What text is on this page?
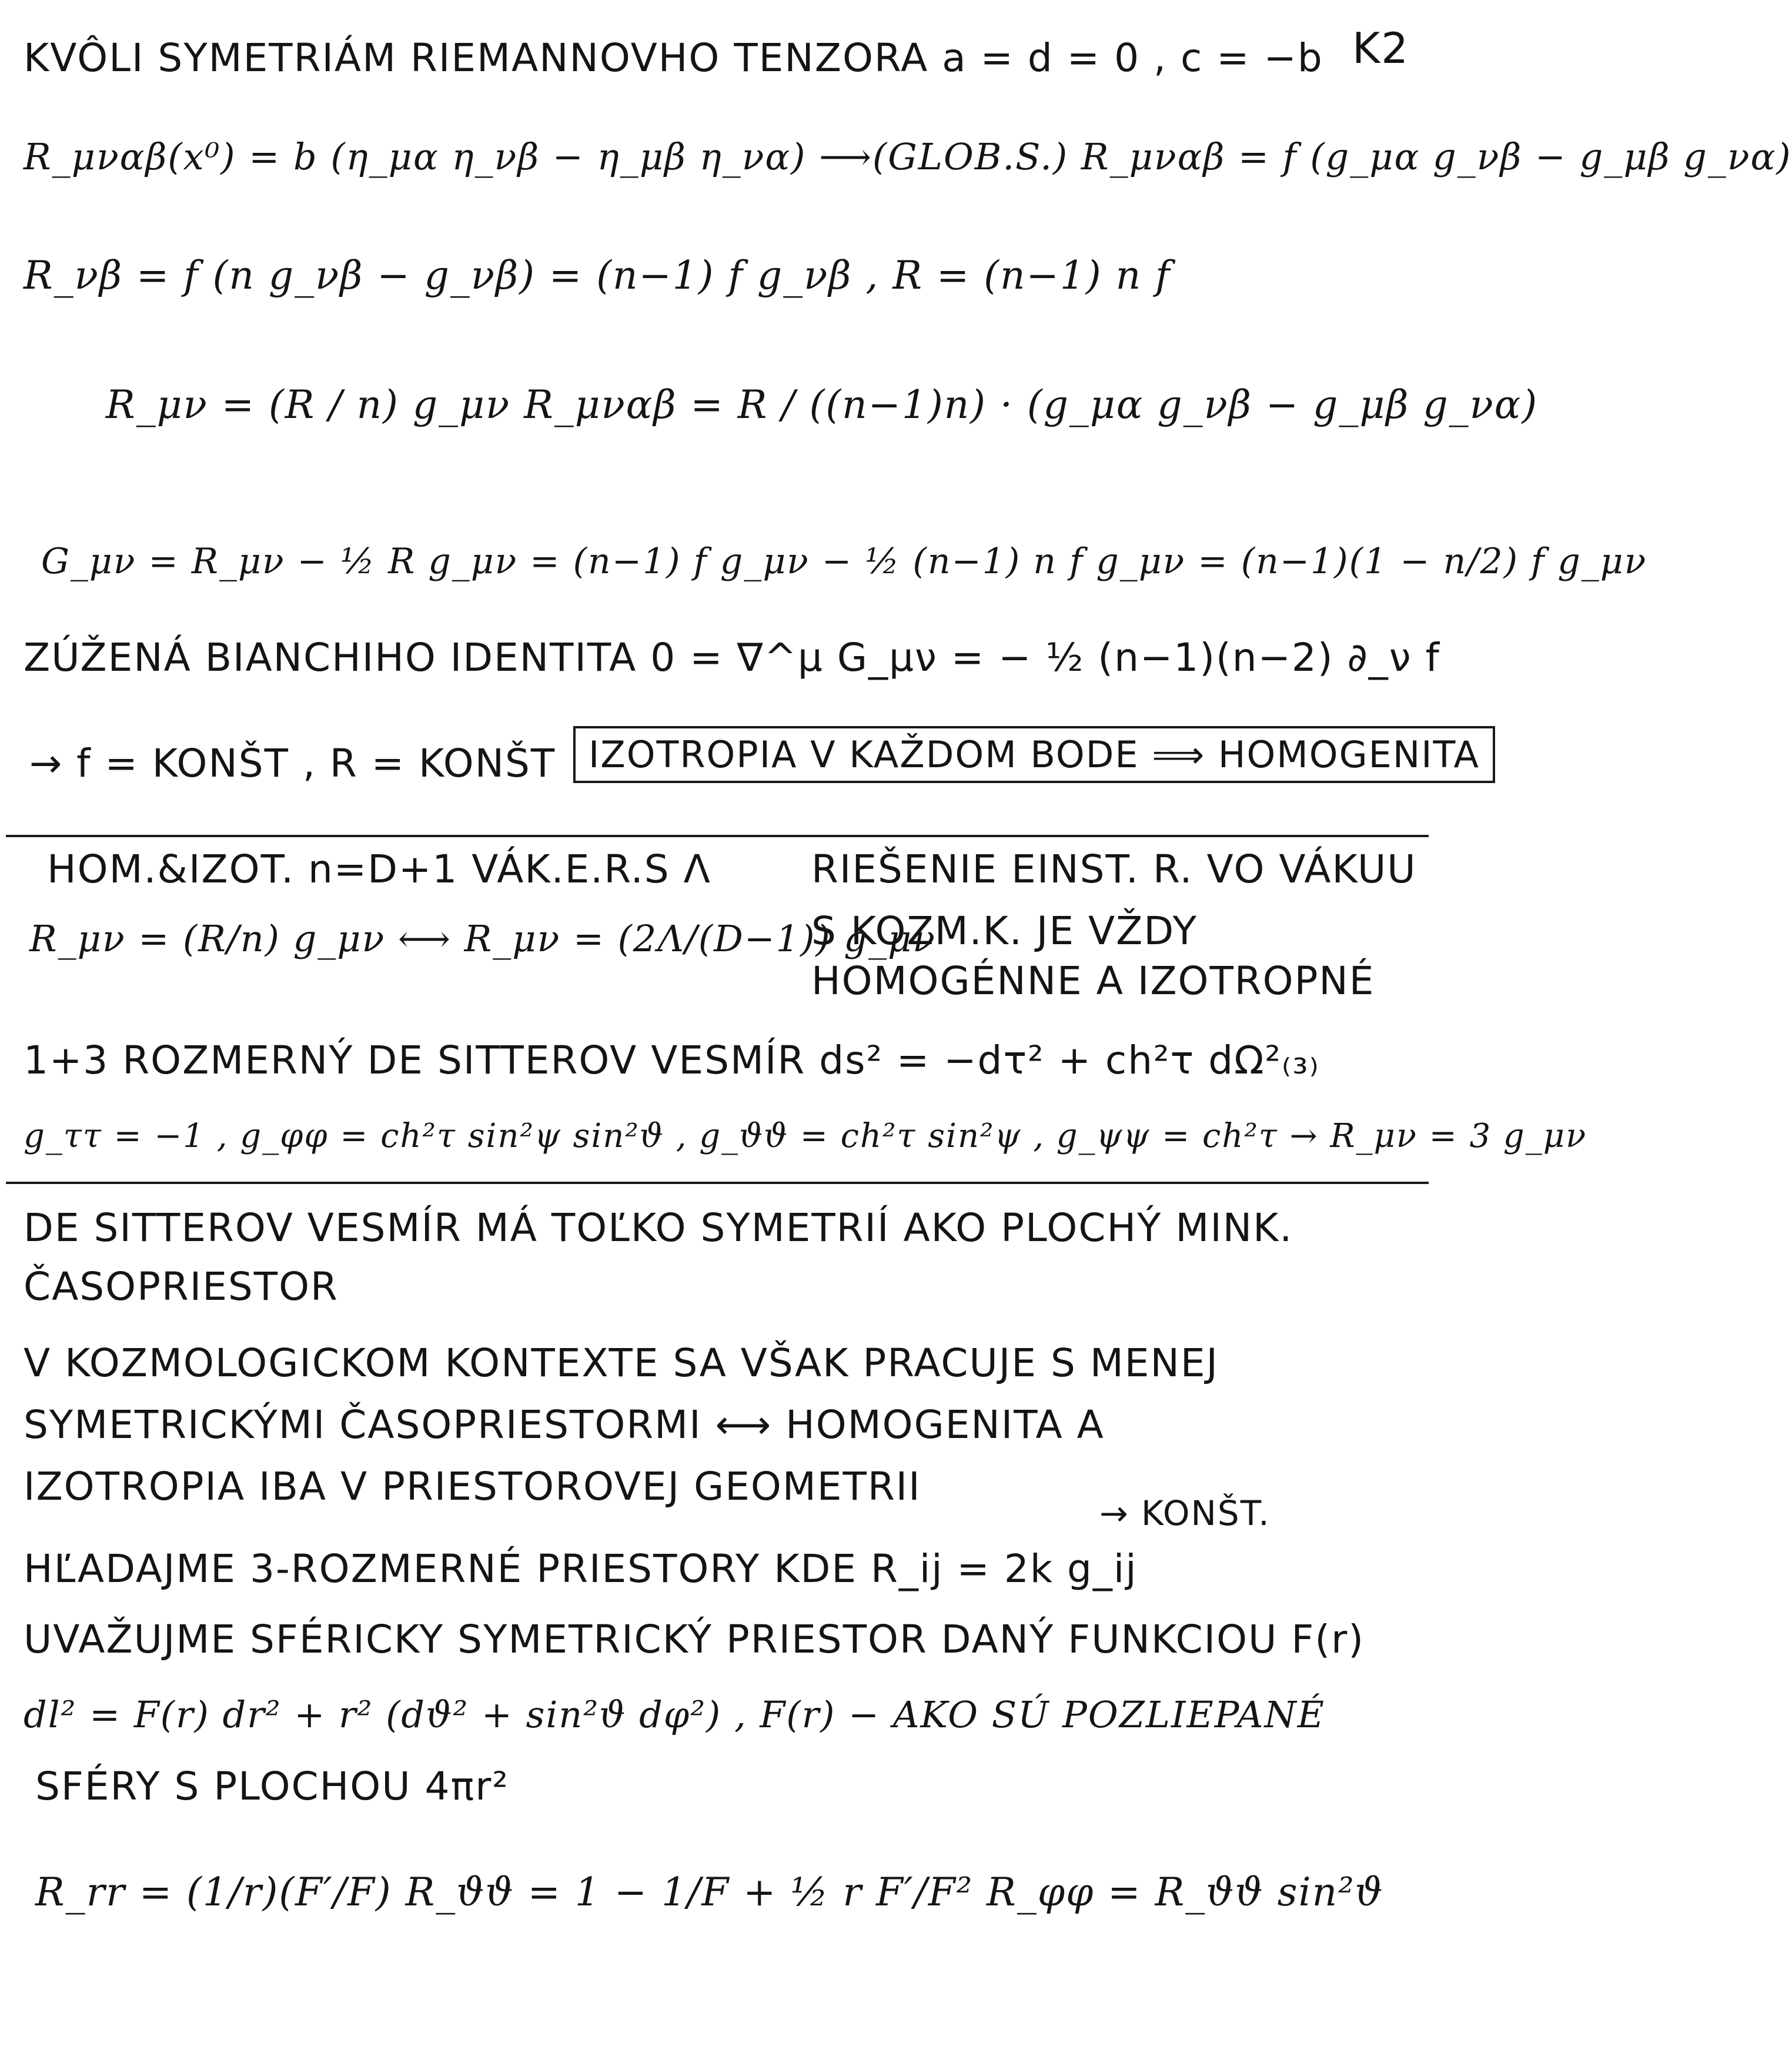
K2
KVÔLI SYMETRIÁM RIEMANNOVHO TENZORA a = d = 0 , c = −b
R_μναβ(x⁰) = b (η_μα η_νβ − η_μβ η_να) ⟶(GLOB.S.) R_μναβ = f (g_μα g_νβ − g_μβ g_να)
R_νβ = f (n g_νβ − g_νβ) = (n−1) f g_νβ , R = (n−1) n f
R_μν = (R / n) g_μν R_μναβ = R / ((n−1)n) · (g_μα g_νβ − g_μβ g_να)
G_μν = R_μν − ½ R g_μν = (n−1) f g_μν − ½ (n−1) n f g_μν = (n−1)(1 − n/2) f g_μν
ZÚŽENÁ BIANCHIHO IDENTITA 0 = ∇^μ G_μν = − ½ (n−1)(n−2) ∂_ν f
→ f = KONŠT , R = KONŠT IZOTROPIA V KAŽDOM BODE ⟹ HOMOGENITA
HOM.&IZOT. n=D+1 VÁK.E.R.S Λ	RIEŠENIE EINST. R. VO VÁKUU
R_μν = (R/n) g_μν ⟷ R_μν = (2Λ/(D−1)) g_μν
S KOZM.K. JE VŽDY
HOMOGÉNNE A IZOTROPNÉ
1+3 ROZMERNÝ DE SITTEROV VESMÍR ds² = −dτ² + ch²τ dΩ²₍₃₎
g_ττ = −1 , g_φφ = ch²τ sin²ψ sin²ϑ , g_ϑϑ = ch²τ sin²ψ , g_ψψ = ch²τ → R_μν = 3 g_μν
DE SITTEROV VESMÍR MÁ TOĽKO SYMETRIÍ AKO PLOCHÝ MINK.
ČASOPRIESTOR
V KOZMOLOGICKOM KONTEXTE SA VŠAK PRACUJE S MENEJ
SYMETRICKÝMI ČASOPRIESTORMI ⟷ HOMOGENITA A
IZOTROPIA IBA V PRIESTOROVEJ GEOMETRII
→ KONŠT.
HĽADAJME 3-ROZMERNÉ PRIESTORY KDE R_ij = 2k g_ij
UVAŽUJME SFÉRICKY SYMETRICKÝ PRIESTOR DANÝ FUNKCIOU F(r)
dl² = F(r) dr² + r² (dϑ² + sin²ϑ dφ²) , F(r) − AKO SÚ POZLIEPANÉ
SFÉRY S PLOCHOU 4πr²
R_rr = (1/r)(F′/F) R_ϑϑ = 1 − 1/F + ½ r F′/F² R_φφ = R_ϑϑ sin²ϑ
